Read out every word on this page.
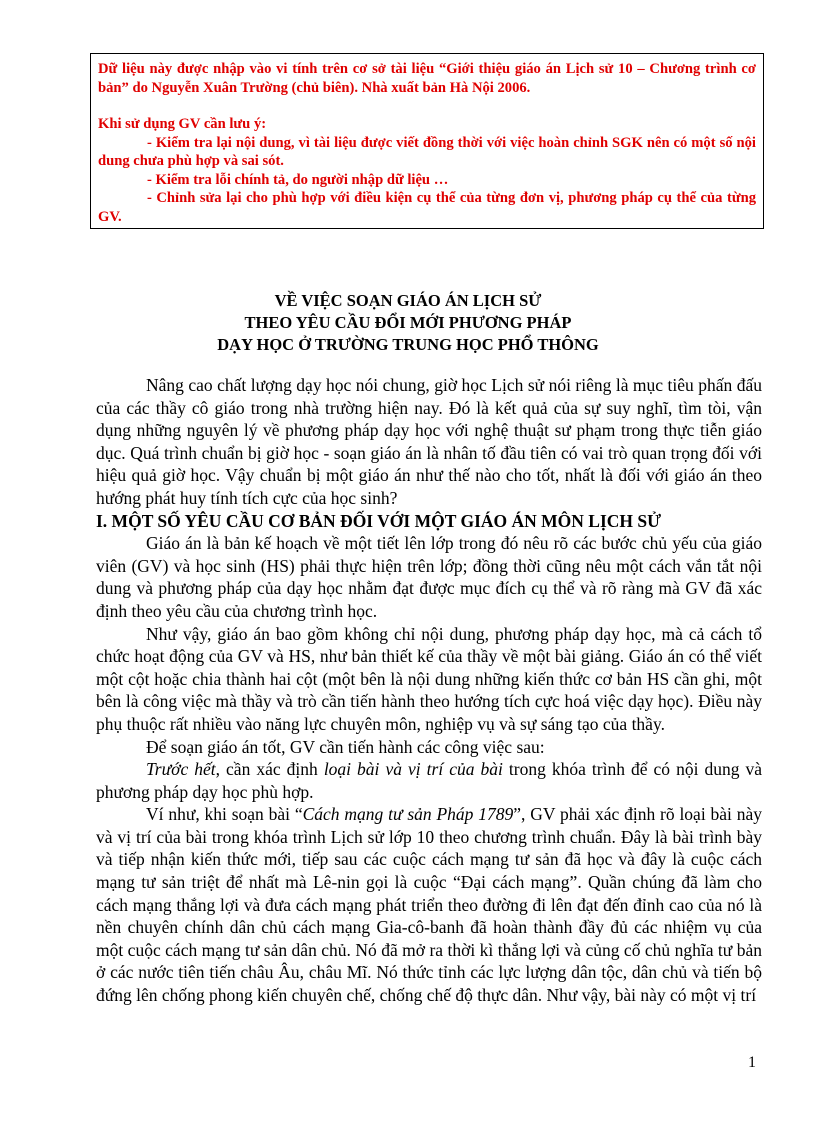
Dữ liệu này được nhập vào vi tính trên cơ sở tài liệu “Giới thiệu giáo án Lịch sử 10 – Chương trình cơ bản” do Nguyễn Xuân Trường (chủ biên). Nhà xuất bản Hà Nội 2006.

Khi sử dụng GV cần lưu ý:

- Kiểm tra lại nội dung, vì tài liệu được viết đồng thời với việc hoàn chỉnh SGK nên có một số nội dung chưa phù hợp và sai sót.

- Kiểm tra lỗi chính tả, do người nhập dữ liệu …

- Chỉnh sửa lại cho phù hợp với điều kiện cụ thể của từng đơn vị, phương pháp cụ thể của từng GV.

VỀ VIỆC SOẠN GIÁO ÁN LỊCH SỬ
THEO YÊU CẦU ĐỔI MỚI PHƯƠNG PHÁP
DẠY HỌC Ở TRƯỜNG TRUNG HỌC PHỔ THÔNG

Nâng cao chất lượng dạy học nói chung, giờ học Lịch sử nói riêng là mục tiêu phấn đấu của các thầy cô giáo trong nhà trường hiện nay. Đó là kết quả của sự suy nghĩ, tìm tòi, vận dụng những nguyên lý về phương pháp dạy học với nghệ thuật sư phạm trong thực tiễn giáo dục. Quá trình chuẩn bị giờ học - soạn giáo án là nhân tố đầu tiên có vai trò quan trọng đối với hiệu quả giờ học. Vậy chuẩn bị một giáo án như thế nào cho tốt, nhất là đối với giáo án theo hướng phát huy tính tích cực của học sinh?

I. MỘT SỐ YÊU CẦU CƠ BẢN ĐỐI VỚI MỘT GIÁO ÁN MÔN LỊCH SỬ

Giáo án là bản kế hoạch về một tiết lên lớp trong đó nêu rõ các bước chủ yếu của giáo viên (GV) và học sinh (HS) phải thực hiện trên lớp; đồng thời cũng nêu một cách vắn tắt nội dung và phương pháp của dạy học nhằm đạt được mục đích cụ thể và rõ ràng mà GV đã xác định theo yêu cầu của chương trình học.

Như vậy, giáo án bao gồm không chỉ nội dung, phương pháp dạy học, mà cả cách tổ chức hoạt động của GV và HS, như bản thiết kế của thầy về một bài giảng. Giáo án có thể viết một cột hoặc chia thành hai cột (một bên là nội dung những kiến thức cơ bản HS cần ghi, một bên là công việc mà thầy và trò cần tiến hành theo hướng tích cực hoá việc dạy học). Điều này phụ thuộc rất nhiều vào năng lực chuyên môn, nghiệp vụ và sự sáng tạo của thầy.

Để soạn giáo án tốt, GV cần tiến hành các công việc sau:

Trước hết, cần xác định loại bài và vị trí của bài trong khóa trình để có nội dung và phương pháp dạy học phù hợp.

Ví như, khi soạn bài “Cách mạng tư sản Pháp 1789”, GV phải xác định rõ loại bài này và vị trí của bài trong khóa trình Lịch sử lớp 10 theo chương trình chuẩn. Đây là bài trình bày và tiếp nhận kiến thức mới, tiếp sau các cuộc cách mạng tư sản đã học và đây là cuộc cách mạng tư sản triệt để nhất mà Lê-nin gọi là cuộc “Đại cách mạng”. Quần chúng đã làm cho cách mạng thắng lợi và đưa cách mạng phát triển theo đường đi lên đạt đến đỉnh cao của nó là nền chuyên chính dân chủ cách mạng Gia-cô-banh đã hoàn thành đầy đủ các nhiệm vụ của một cuộc cách mạng tư sản dân chủ. Nó đã mở ra thời kì thắng lợi và củng cố chủ nghĩa tư bản ở các nước tiên tiến châu Âu, châu Mĩ. Nó thức tỉnh các lực lượng dân tộc, dân chủ và tiến bộ đứng lên chống phong kiến chuyên chế, chống chế độ thực dân. Như vậy, bài này có một vị trí

1
